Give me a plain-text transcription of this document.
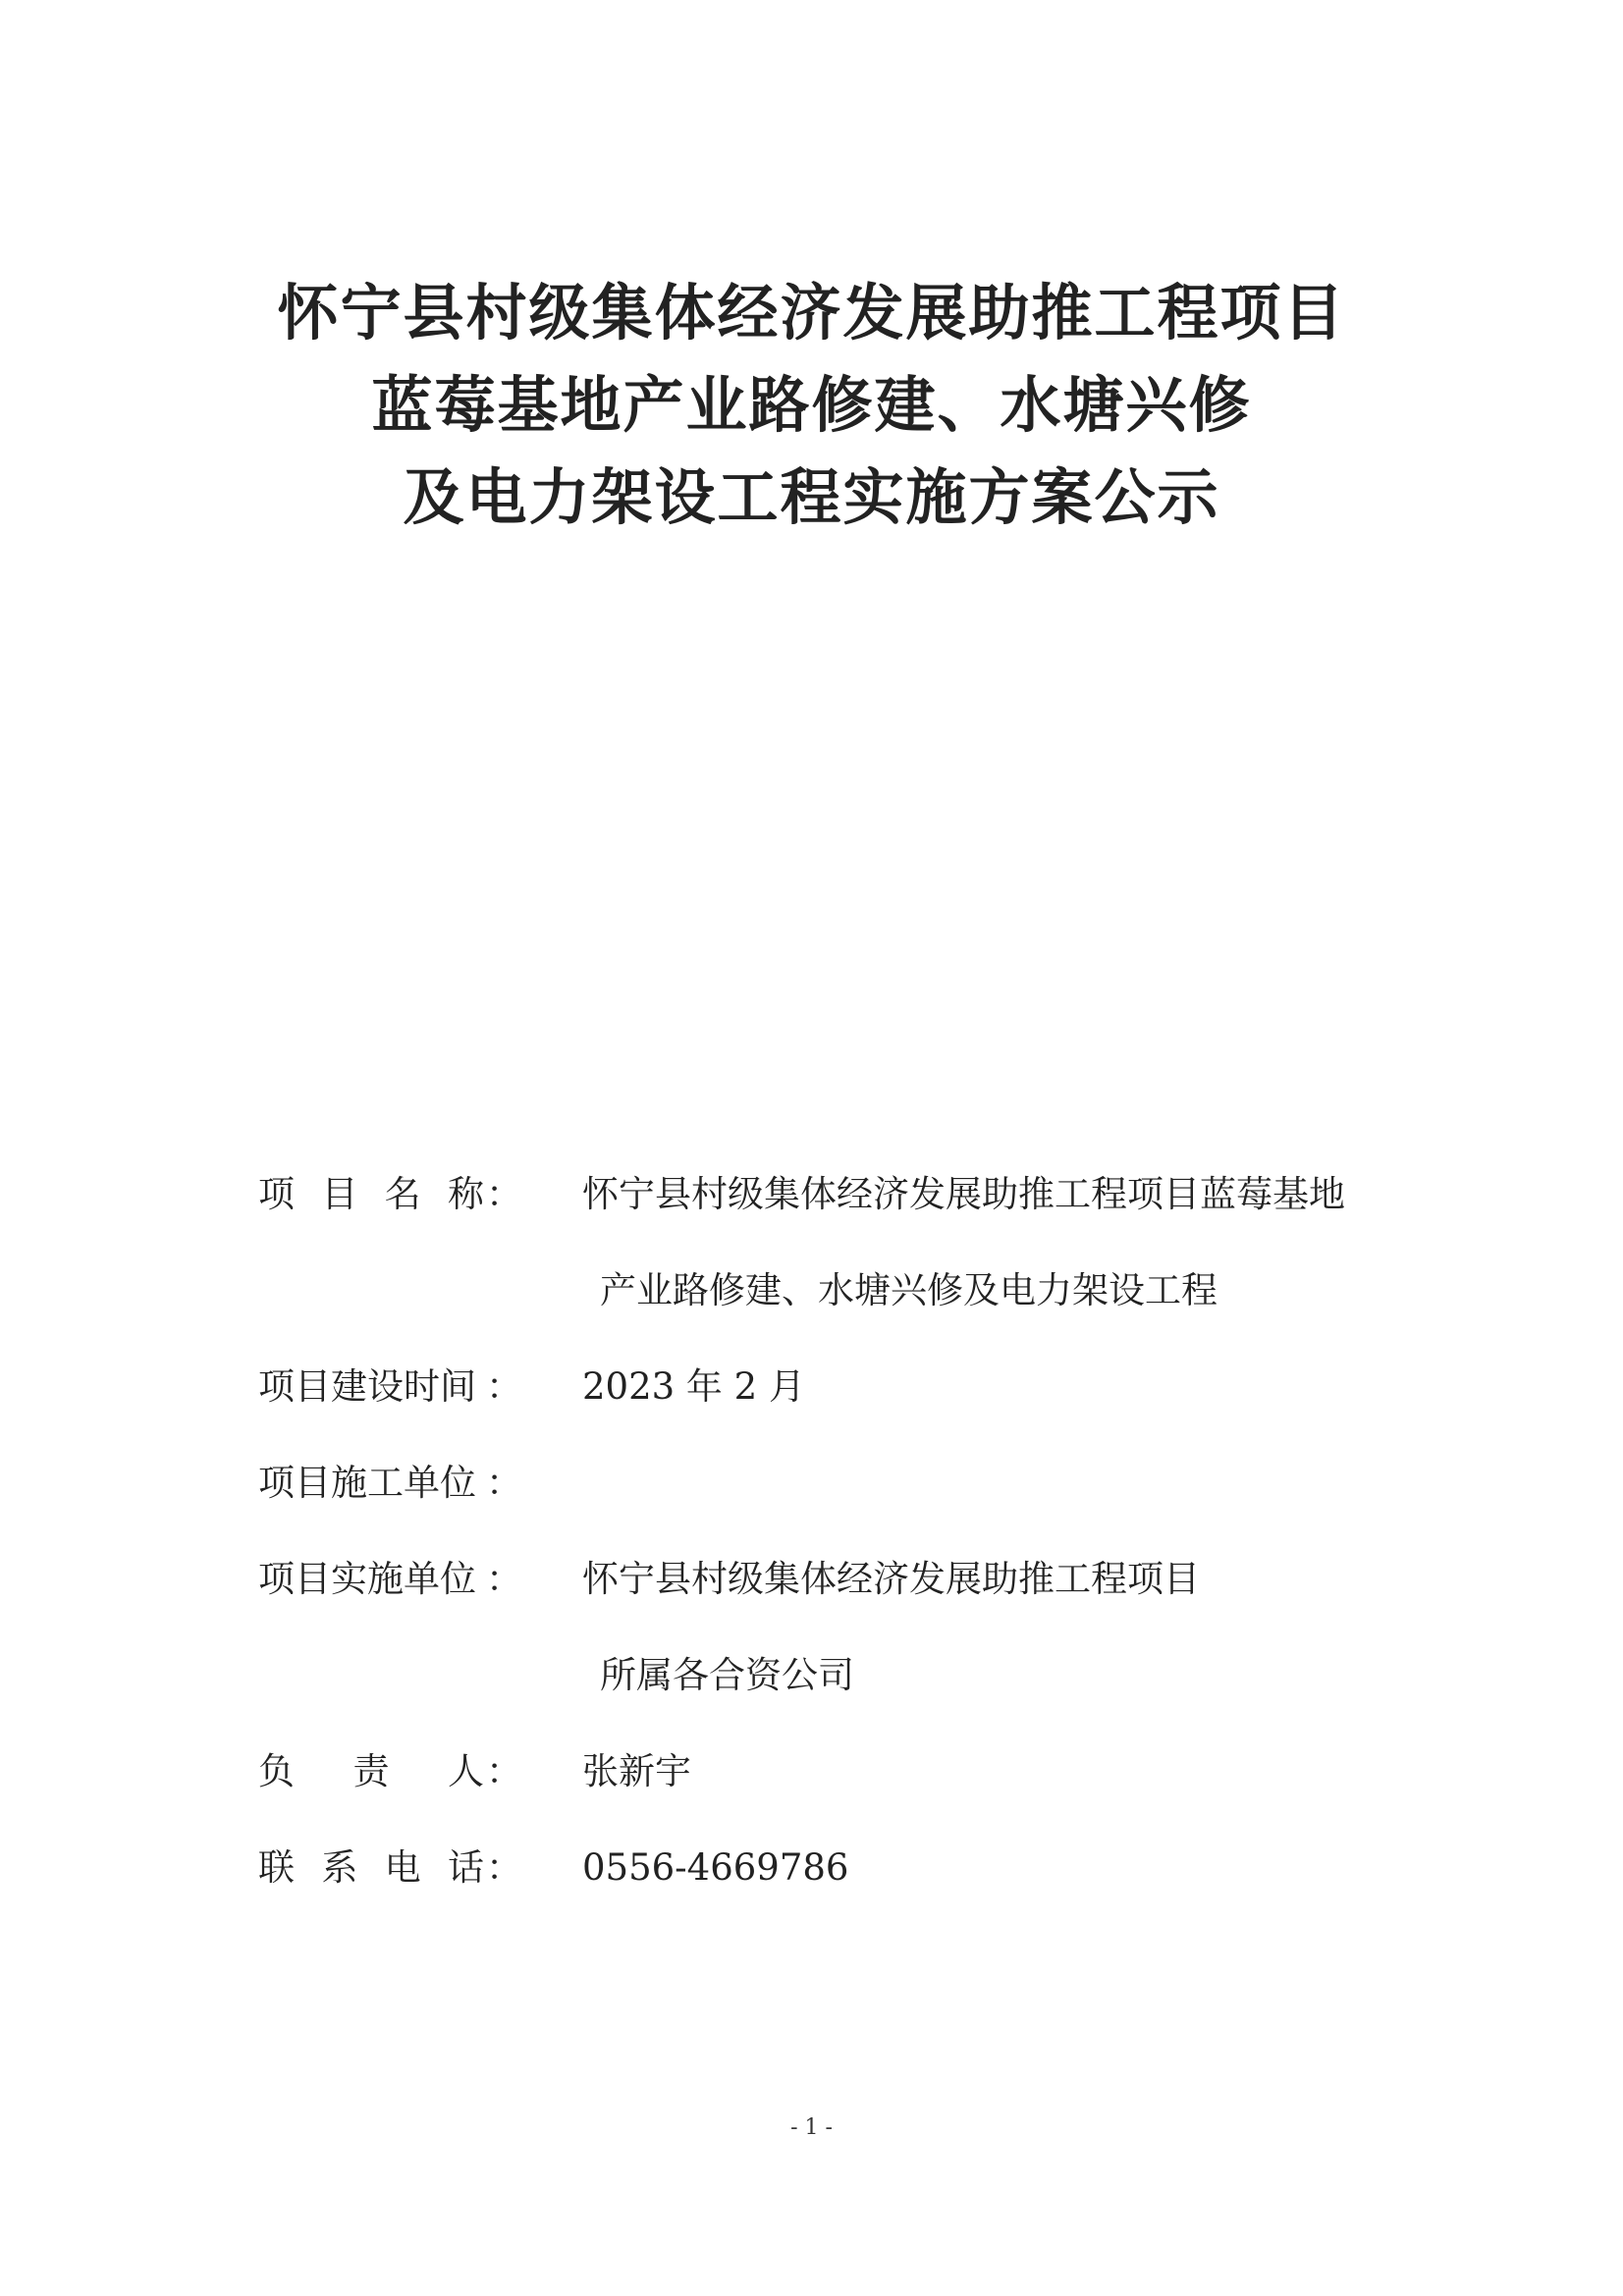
怀宁县村级集体经济发展助推工程项目
蓝莓基地产业路修建、水塘兴修
及电力架设工程实施方案公示
项目名称 ： 怀宁县村级集体经济发展助推工程项目蓝莓基地
产业路修建、水塘兴修及电力架设工程
项目建设时间 ： 2023 年 2 月
项目施工单位 ：
项目实施单位 ： 怀宁县村级集体经济发展助推工程项目
所属各合资公司
负责人 ： 张新宇
联系电话 ： 0556-4669786
- 1 -
